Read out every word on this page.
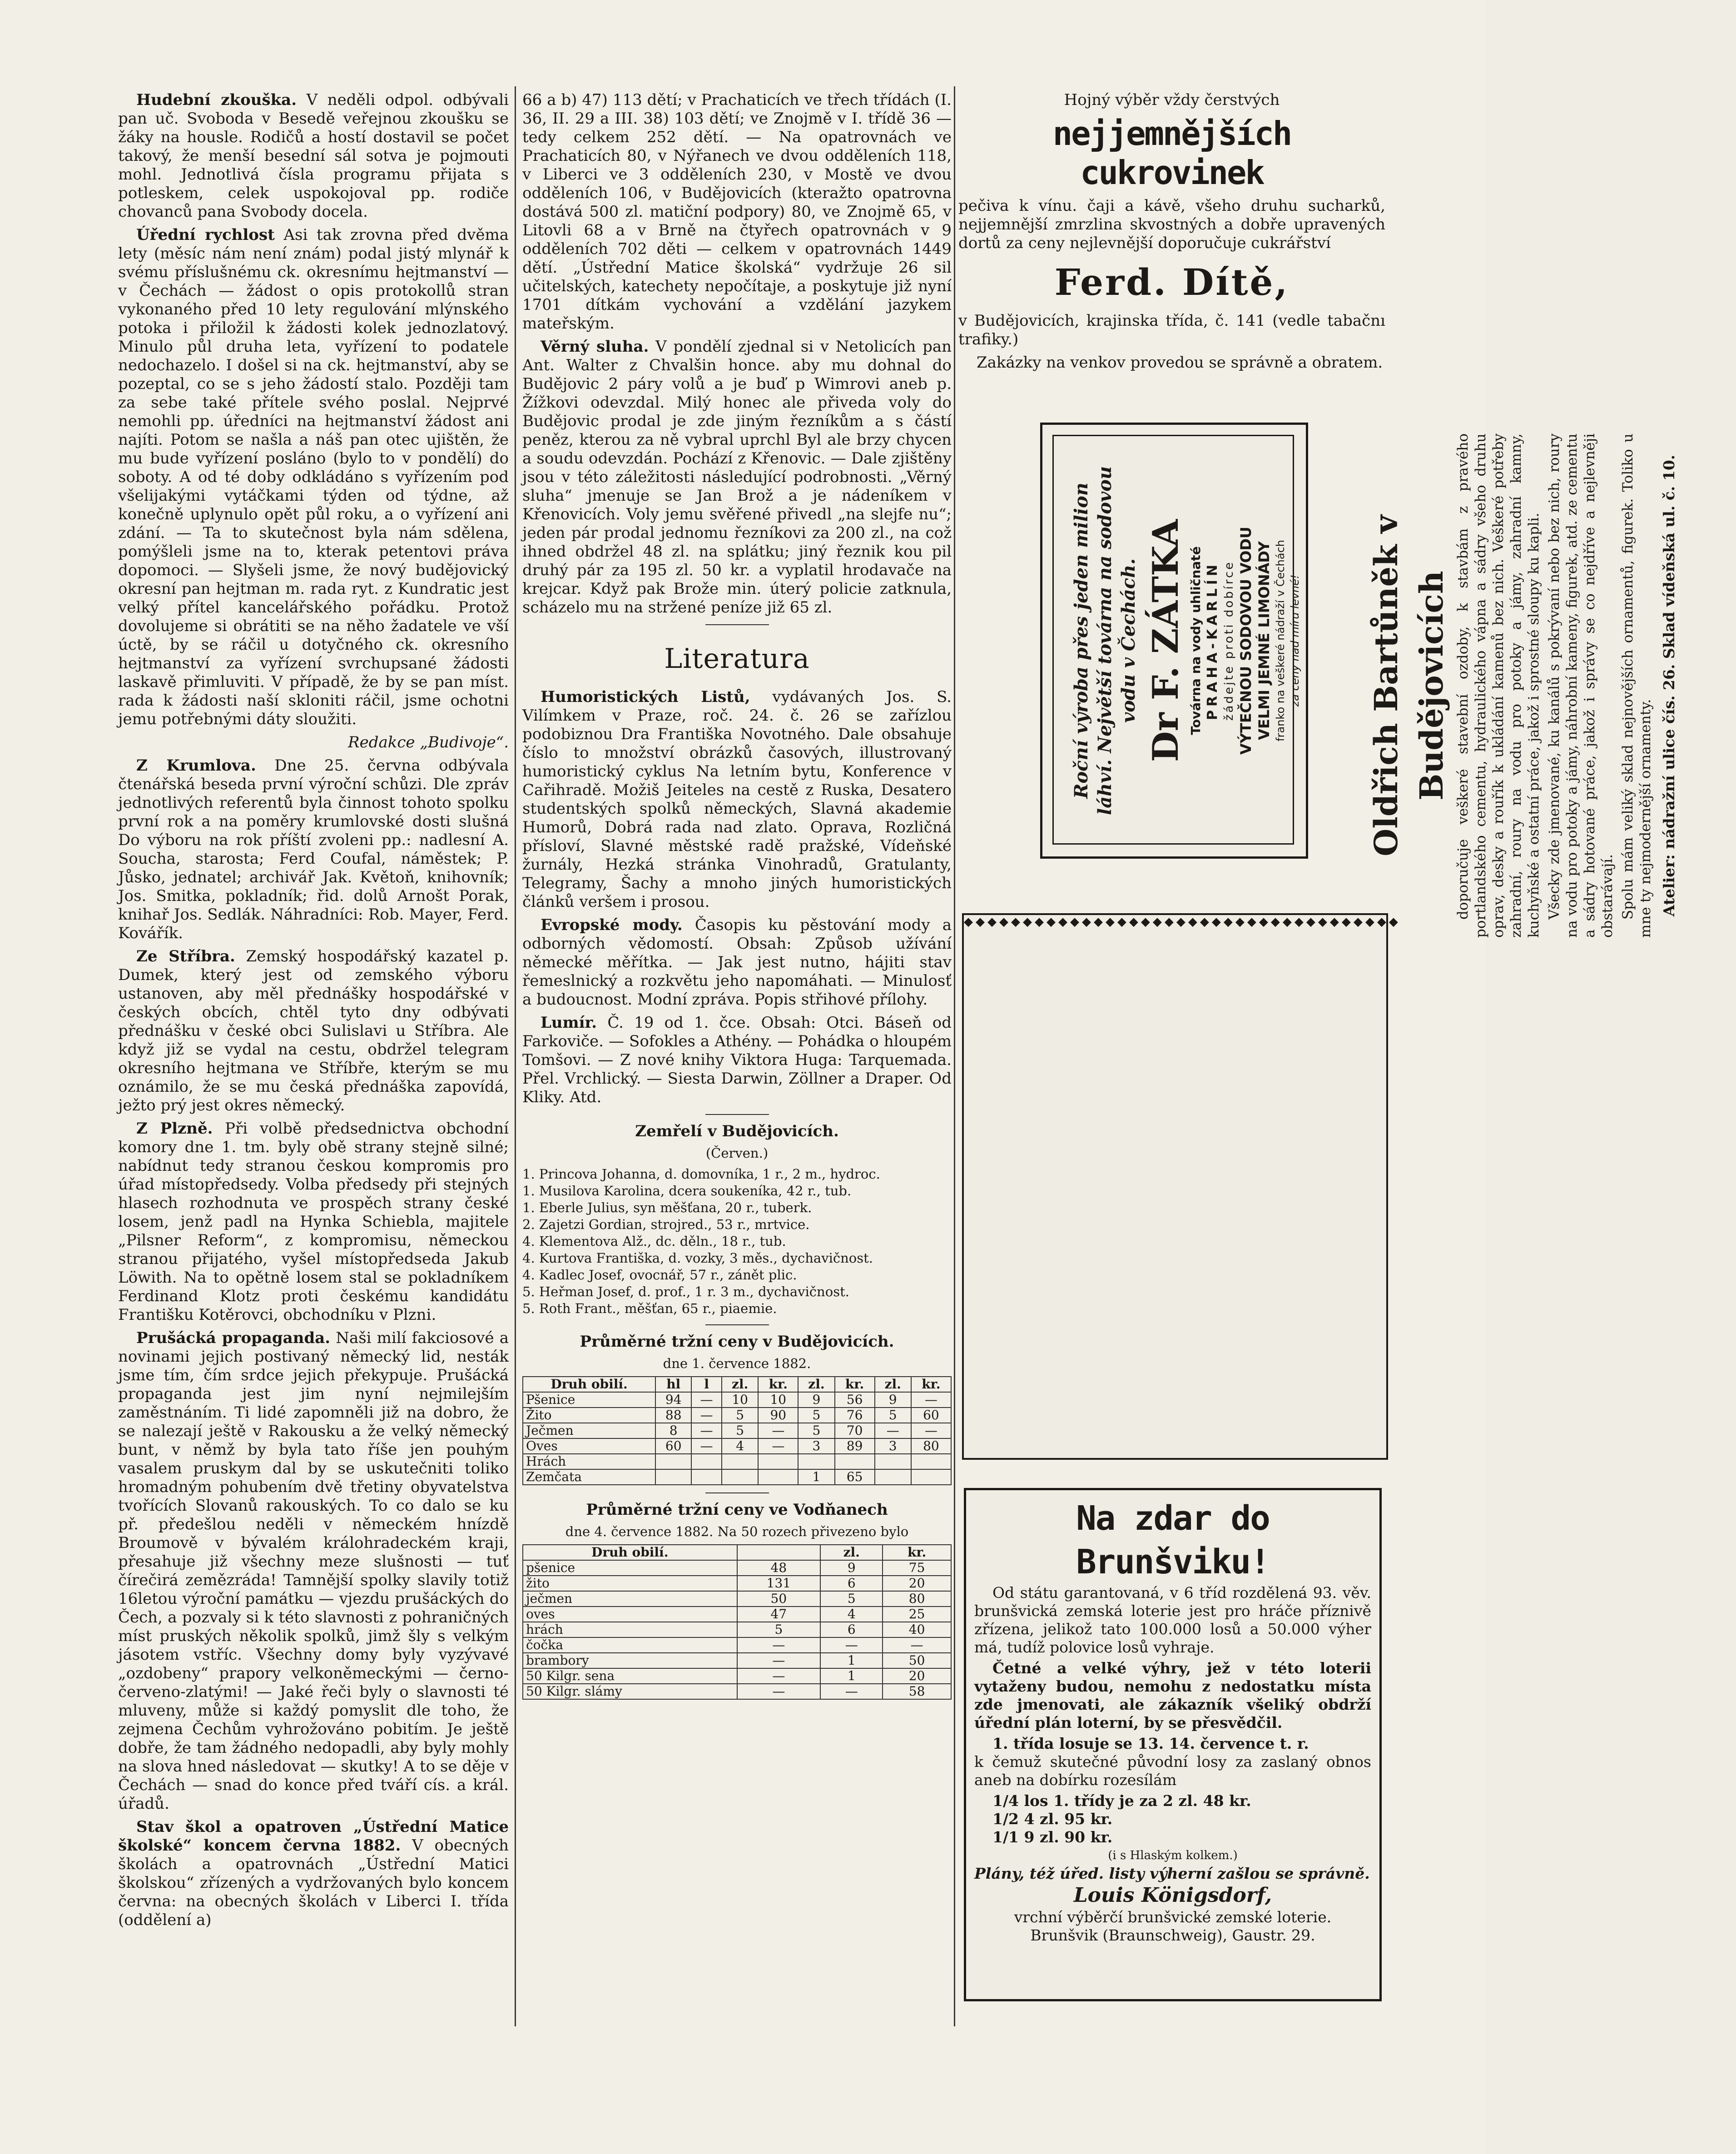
Hudební zkouška. V neděli odpol. odbývali pan uč. Svoboda v Besedě veřejnou zkoušku se žáky na housle. Rodičů a hostí dostavil se počet takový, že menší besední sál sotva je pojmouti mohl. Jednotlivá čísla programu přijata s potleskem, celek uspokojoval pp. rodiče chovanců pana Svobody docela.

Úřední rychlost Asi tak zrovna před dvěma lety (měsíc nám není znám) podal jistý mlynář k svému příslušnému ck. okresnímu hejtmanství — v Čechách — žádost o opis protokollů stran vykonaného před 10 lety regulování mlýnského potoka i přiložil k žádosti kolek jednozlatový. Minulo půl druha leta, vyřízení to podatele nedochazelo. I došel si na ck. hejtmanství, aby se pozeptal, co se s jeho žádostí stalo. Později tam za sebe také přítele svého poslal. Nejprvé nemohli pp. úředníci na hejtmanství žádost ani najíti. Potom se našla a náš pan otec ujištěn, že mu bude vyřízení posláno (bylo to v pondělí) do soboty. A od té doby odkládáno s vyřízením pod všelijakými vytáčkami týden od týdne, až konečně uplynulo opět půl roku, a o vyřízení ani zdání. — Ta to skutečnost byla nám sdělena, pomýšleli jsme na to, kterak petentovi práva dopomoci. — Slyšeli jsme, že nový budějovický okresní pan hejtman m. rada ryt. z Kundratic jest velký přítel kancelářského pořádku. Protož dovolujeme si obrátiti se na něho žadatele ve vší úctě, by se ráčil u dotyčného ck. okresního hejtmanství za vyřízení svrchupsané žádosti laskavě přimluviti. V případě, že by se pan míst. rada k žádosti naší skloniti ráčil, jsme ochotni jemu potřebnými dáty sloužiti.

Redakce „Budivoje“.

Z Krumlova. Dne 25. června odbývala čtenářská beseda první výroční schůzi. Dle zpráv jednotlivých referentů byla činnost tohoto spolku první rok a na poměry krumlovské dosti slušná Do výboru na rok příští zvoleni pp.: nadlesní A. Soucha, starosta; Ferd Coufal, náměstek; P. Jůsko, jednatel; archivář Jak. Květoň, knihovník; Jos. Smitka, pokladník; řid. dolů Arnošt Porak, knihař Jos. Sedlák. Náhradníci: Rob. Mayer, Ferd. Kovářík.

Ze Stříbra. Zemský hospodářský kazatel p. Dumek, který jest od zemského výboru ustanoven, aby měl přednášky hospodářské v českých obcích, chtěl tyto dny odbývati přednášku v české obci Sulislavi u Stříbra. Ale když již se vydal na cestu, obdržel telegram okresního hejtmana ve Stříbře, kterým se mu oznámilo, že se mu česká přednáška zapovídá, ježto prý jest okres německý.

Z Plzně. Při volbě předsednictva obchodní komory dne 1. tm. byly obě strany stejně silné; nabídnut tedy stranou českou kompromis pro úřad místopředsedy. Volba předsedy při stejných hlasech rozhodnuta ve prospěch strany české losem, jenž padl na Hynka Schiebla, majitele „Pilsner Reform“, z kompromisu, německou stranou přijatého, vyšel místopředseda Jakub Löwith. Na to opětně losem stal se pokladníkem Ferdinand Klotz proti českému kandidátu Františku Kotěrovci, obchodníku v Plzni.

Prušácká propaganda. Naši milí fakciosové a novinami jejich postivaný německý lid, nesták jsme tím, čím srdce jejich překypuje. Prušácká propaganda jest jim nyní nejmilejším zaměstnáním. Ti lidé zapomněli již na dobro, že se nalezají ještě v Rakousku a že velký německý bunt, v němž by byla tato říše jen pouhým vasalem pruskym dal by se uskutečniti toliko hromadným pohubením dvě třetiny obyvatelstva tvořících Slovanů rakouských. To co dalo se ku př. předešlou neděli v německém hnízdě Broumově v bývalém králohradeckém kraji, přesahuje již všechny meze slušnosti — tuť čírečirá zemězráda! Tamnější spolky slavily totiž 16letou výroční památku — vjezdu prušáckých do Čech, a pozvaly si k této slavnosti z pohraničných míst pruských několik spolků, jimž šly s velkým jásotem vstříc. Všechny domy byly vyzývavé „ozdobeny“ prapory velkoněmeckými — černo-červeno-zlatými! — Jaké řeči byly o slavnosti té mluveny, může si každý pomyslit dle toho, že zejmena Čechům vyhrožováno pobitím. Je ještě dobře, že tam žádného nedopadli, aby byly mohly na slova hned následovat — skutky! A to se děje v Čechách — snad do konce před tváří cís. a král. úřadů.

Stav škol a opatroven „Ústřední Matice školské“ koncem června 1882. V obecných školách a opatrovnách „Ústřední Matici školskou“ zřízených a vydržovaných bylo koncem června: na obecných školách v Liberci I. třída (oddělení a)

66 a b) 47) 113 dětí; v Prachaticích ve třech třídách (I. 36, II. 29 a III. 38) 103 dětí; ve Znojmě v I. třídě 36 — tedy celkem 252 dětí. — Na opatrovnách ve Prachaticích 80, v Nýřanech ve dvou odděleních 118, v Liberci ve 3 odděleních 230, v Mostě ve dvou odděleních 106, v Budějovicích (kteražto opatrovna dostává 500 zl. matiční podpory) 80, ve Znojmě 65, v Litovli 68 a v Brně na čtyřech opatrovnách v 9 odděleních 702 děti — celkem v opatrovnách 1449 dětí. „Ústřední Matice školská“ vydržuje 26 sil učitelských, katechety nepočítaje, a poskytuje již nyní 1701 dítkám vychování a vzdělání jazykem mateřským.

Věrný sluha. V pondělí zjednal si v Netolicích pan Ant. Walter z Chvalšin honce. aby mu dohnal do Budějovic 2 páry volů a je buď p Wimrovi aneb p. Žížkovi odevzdal. Milý honec ale přiveda voly do Budějovic prodal je zde jiným řezníkům a s částí peněz, kterou za ně vybral uprchl Byl ale brzy chycen a soudu odevzdán. Pochází z Křenovic. — Dale zjištěny jsou v této záležitosti následující podrobnosti. „Věrný sluha“ jmenuje se Jan Brož a je nádeníkem v Křenovicích. Voly jemu svěřené přivedl „na slejfe nu“; jeden pár prodal jednomu řezníkovi za 200 zl., na což ihned obdržel 48 zl. na splátku; jiný řeznik kou pil druhý pár za 195 zl. 50 kr. a vyplatil hrodavače na krejcar. Když pak Brože min. úterý policie zatknula, scházelo mu na stržené peníze již 65 zl.

Literatura

Humoristických Listů, vydávaných Jos. S. Vilímkem v Praze, roč. 24. č. 26 se zařízlou podobiznou Dra Františka Novotného. Dale obsahuje číslo to množství obrázků časových, illustrovaný humoristický cyklus Na letním bytu, Konference v Cařihradě. Možiš Jeiteles na cestě z Ruska, Desatero studentských spolků německých, Slavná akademie Humorů, Dobrá rada nad zlato. Oprava, Rozličná přísloví, Slavné městské radě pražské, Vídeňské žurnály, Hezká stránka Vinohradů, Gratulanty, Telegramy, Šachy a mnoho jiných humoristických článků veršem i prosou.

Evropské mody. Časopis ku pěstování mody a odborných vědomostí. Obsah: Způsob užívání německé měřítka. — Jak jest nutno, hájiti stav řemeslnický a rozkvětu jeho napomáhati. — Minulosť a budoucnost. Modní zpráva. Popis střihové přílohy.

Lumír. Č. 19 od 1. čce. Obsah: Otci. Báseň od Farkoviče. — Sofokles a Athény. — Pohádka o hloupém Tomšovi. — Z nové knihy Viktora Huga: Tarquemada. Přel. Vrchlický. — Siesta Darwin, Zöllner a Draper. Od Kliky. Atd.

Zemřelí v Budějovicích.

(Červen.)

1. Princova Johanna, d. domovníka, 1 r., 2 m., hydroc.

1. Musilova Karolina, dcera soukeníka, 42 r., tub.

1. Eberle Julius, syn měšťana, 20 r., tuberk.

2. Zajetzi Gordian, strojred., 53 r., mrtvice.

4. Klementova Alž., dc. děln., 18 r., tub.

4. Kurtova Františka, d. vozky, 3 měs., dychavičnost.

4. Kadlec Josef, ovocnář, 57 r., zánět plic.

5. Heřman Josef, d. prof., 1 r. 3 m., dychavičnost.

5. Roth Frant., měšťan, 65 r., piaemie.

Průměrné tržní ceny v Budějovicích.

dne 1. července 1882.

Druh obilí.	hl	l	zl.	kr.	zl.	kr.	zl.	kr.
Pšenice	94	—	10	10	9	56	9	—
Žito	88	—	5	90	5	76	5	60
Ječmen	8	—	5	—	5	70	—	—
Oves	60	—	4	—	3	89	3	80
Hrách								
Zemčata					1	65		

Průměrné tržní ceny ve Vodňanech

dne 4. července 1882. Na 50 rozech přivezeno bylo

Druh obilí.		zl.	kr.
pšenice	48	9	75
žito	131	6	20
ječmen	50	5	80
oves	47	4	25
hrách	5	6	40
čočka	—	—	—
brambory	—	1	50
50 Kilgr. sena	—	1	20
50 Kilgr. slámy	—	—	58

Hojný výběr vždy čerstvých

nejjemnějších cukrovinek

pečiva k vínu. čaji a kávě, všeho druhu sucharků, nejjemnější zmrzlina skvostných a dobře upravených dortů za ceny nejlevnější doporučuje cukrářství

Ferd. Dítě,

v Budějovicích, krajinska třída, č. 141 (vedle tabačnı trafiky.)

Zakázky na venkov provedou se správně a obratem.

Roční výroba přes jeden milion láhví. Největší továrna na sodovou vodu v Čechách. Dr F. ZÁTKA Továrna na vody uhličnaté PRAHA-KARLÍN žádejte proti dobírce VÝTEČNOU SODOVOU VODU VELMI JEMNÉ LIMONÁDY franko na veškeré nádraží v Čechách za ceny nad míru levné!
◆◆◆◆◆◆◆◆◆◆◆◆◆◆◆◆◆◆◆◆◆◆◆◆◆◆◆◆◆◆◆◆◆◆◆◆◆
Oldřich Bartůněk v Budějovicích doporučuje veškeré stavební ozdoby, k stavbám z pravého portlandského cementu, hydraulického vápna a sádry všeho druhu oprav, desky a rouřík k ukládání kamenů bez nich. Veškeré potřeby zahradní, roury na vodu pro potoky a jámy, zahradní kamny, kuchyňské a ostatní práce, jakož i sprostné sloupy ku kapli. Všecky zde jmenované, ku kanálů s pokrývaní nebo bez nich, roury na vodu pro potoky a jámy, náhrobní kameny, figurek, atd. ze cementu a sádry hotované práce, jakož i správy se co nejdříve a nejlevněji obstarávají. Spolu mám veliký sklad nejnovějších ornamentů, figurek. Toliko u mne ty nejmodernější ornamenty. Atelier: nádražní ulice čís. 26. Sklad vídeňská ul. č. 10.
Na zdar do Brunšviku!
Od státu garantovaná, v 6 tříd rozdělená 93. věv. brunšvická zemská loterie jest pro hráče příznivě zřízena, jelikož tato 100.000 losů a 50.000 výher má, tudíž polovice losů vyhraje.
Četné a velké výhry, jež v této loterii vytaženy budou, nemohu z nedostatku místa zde jmenovati, ale zákazník všeliký obdrží úřední plán loterní, by se přesvědčil.
1. třída losuje se 13. 14. července t. r.
k čemuž skutečné původní losy za zaslaný obnos aneb na dobírku rozesílám
1/4 los 1. třídy je za 2 zl. 48 kr.
1/2 4 zl. 95 kr.
1/1 9 zl. 90 kr.
(i s Hlaským kolkem.)
Plány, též úřed. listy výherní zašlou se správně.
Louis Königsdorf,
vrchní výběrčí brunšvické zemské loterie.
Brunšvik (Braunschweig), Gaustr. 29.
